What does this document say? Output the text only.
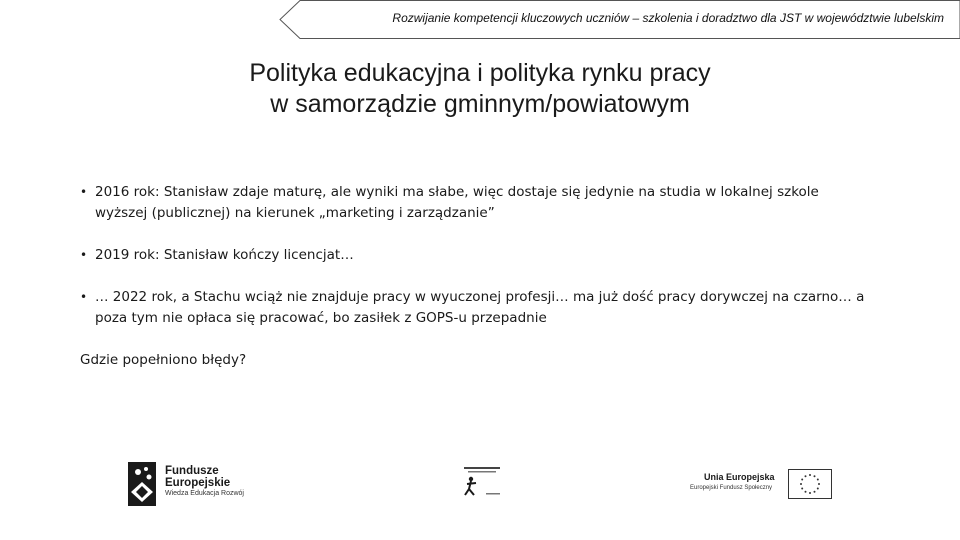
Rozwijanie kompetencji kluczowych uczniów – szkolenia i doradztwo dla JST w województwie lubelskim
Polityka edukacyjna i polityka rynku pracy
w samorządzie gminnym/powiatowym
• 2016 rok: Stanisław zdaje maturę, ale wyniki ma słabe, więc dostaje się jedynie na studia w lokalnej szkole
wyższej (publicznej) na kierunek „marketing i zarządzanie”
• 2019 rok: Stanisław kończy licencjat…
• … 2022 rok, a Stachu wciąż nie znajduje pracy w wyuczonej profesji… ma już dość pracy dorywczej na czarno… a
poza tym nie opłaca się pracować, bo zasiłek z GOPS-u przepadnie
Gdzie popełniono błędy?
Fundusze
Europejskie
Wiedza Edukacja Rozwój
Unia Europejska
Europejski Fundusz Społeczny
